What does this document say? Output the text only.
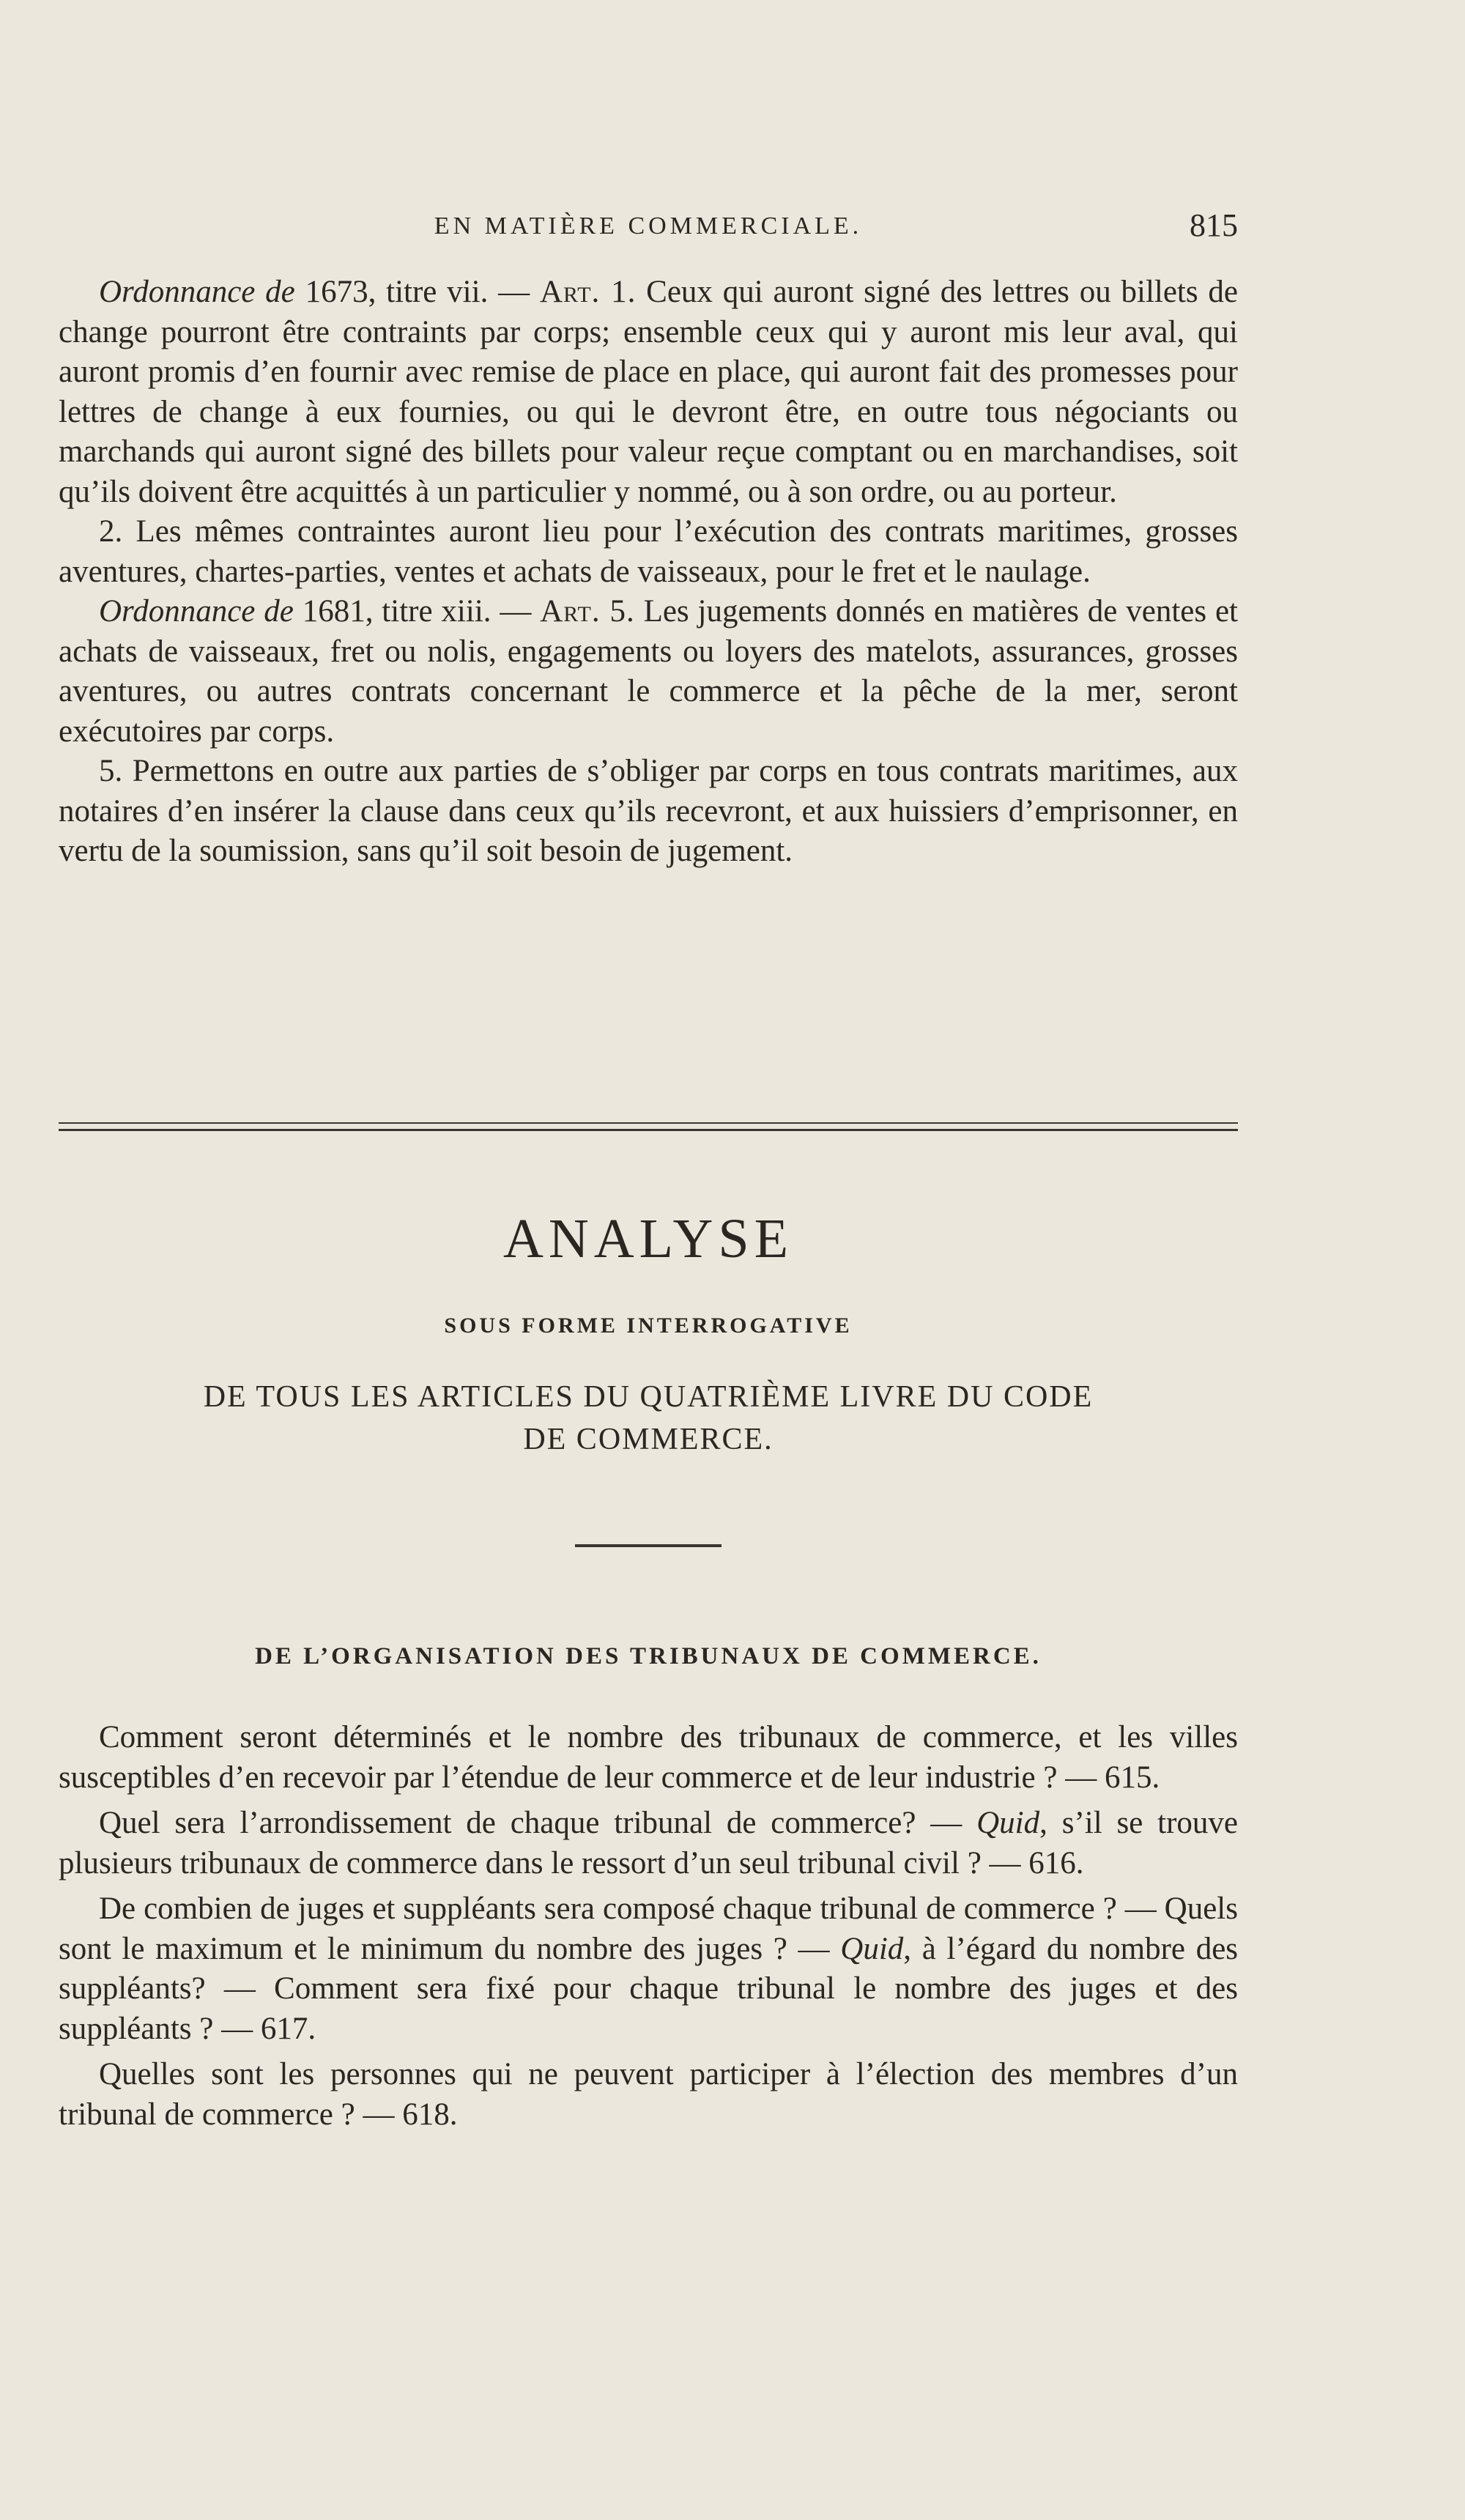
EN MATIÈRE COMMERCIALE.	815

Ordonnance de 1673, titre vii. — Art. 1. Ceux qui auront signé des lettres ou billets de change pourront être contraints par corps; ensemble ceux qui y auront mis leur aval, qui auront promis d’en fournir avec remise de place en place, qui auront fait des promesses pour lettres de change à eux fournies, ou qui le devront être, en outre tous négociants ou marchands qui auront signé des billets pour valeur reçue comptant ou en marchandises, soit qu’ils doivent être acquittés à un particulier y nommé, ou à son ordre, ou au porteur.

2. Les mêmes contraintes auront lieu pour l’exécution des contrats maritimes, grosses aventures, chartes-parties, ventes et achats de vaisseaux, pour le fret et le naulage.

Ordonnance de 1681, titre xiii. — Art. 5. Les jugements donnés en matières de ventes et achats de vaisseaux, fret ou nolis, engagements ou loyers des matelots, assurances, grosses aventures, ou autres contrats concernant le commerce et la pêche de la mer, seront exécutoires par corps.

5. Permettons en outre aux parties de s’obliger par corps en tous contrats maritimes, aux notaires d’en insérer la clause dans ceux qu’ils recevront, et aux huissiers d’emprisonner, en vertu de la soumission, sans qu’il soit besoin de jugement.

ANALYSE
SOUS FORME INTERROGATIVE
DE TOUS LES ARTICLES DU QUATRIÈME LIVRE DU CODE
DE COMMERCE.
DE L’ORGANISATION DES TRIBUNAUX DE COMMERCE.

Comment seront déterminés et le nombre des tribunaux de commerce, et les villes susceptibles d’en recevoir par l’étendue de leur commerce et de leur industrie ? — 615.

Quel sera l’arrondissement de chaque tribunal de commerce? — Quid, s’il se trouve plusieurs tribunaux de commerce dans le ressort d’un seul tribunal civil ? — 616.

De combien de juges et suppléants sera composé chaque tribunal de commerce ? — Quels sont le maximum et le minimum du nombre des juges ? — Quid, à l’égard du nombre des suppléants? — Comment sera fixé pour chaque tribunal le nombre des juges et des suppléants ? — 617.

Quelles sont les personnes qui ne peuvent participer à l’élection des membres d’un tribunal de commerce ? — 618.
